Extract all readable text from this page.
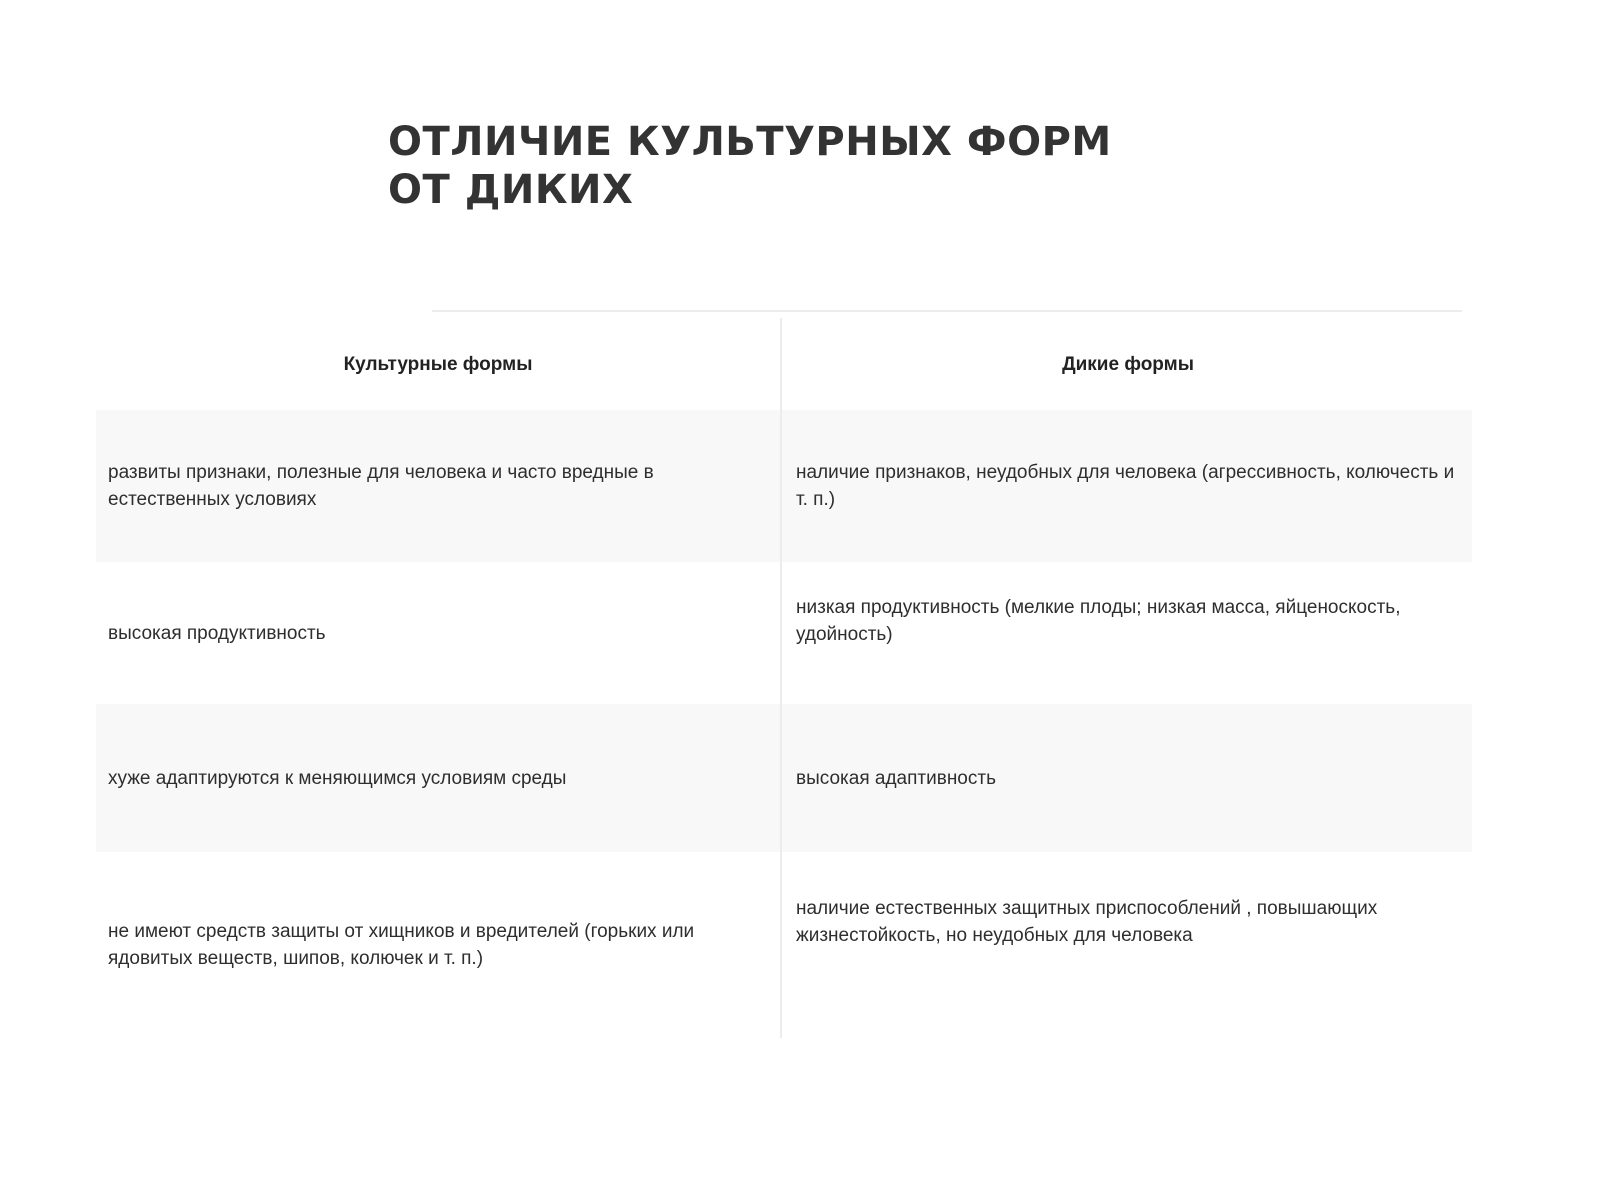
ОТЛИЧИЕ КУЛЬТУРНЫХ ФОРМ ОТ ДИКИХ
Культурные формы	Дикие формы
развиты признаки, полезные для человека и часто вредные в естественных условиях
наличие признаков, неудобных для человека (агрессивность, колючесть и т. п.)
высокая продуктивность
низкая продуктивность (мелкие плоды; низкая масса, яйценоскость, удойность)
хуже адаптируются к меняющимся условиям среды	высокая адаптивность
не имеют средств защиты от хищников и вредителей (горьких или ядовитых веществ, шипов, колючек и т. п.)
наличие естественных защитных приспособлений , повышающих жизнестойкость, но неудобных для человека
